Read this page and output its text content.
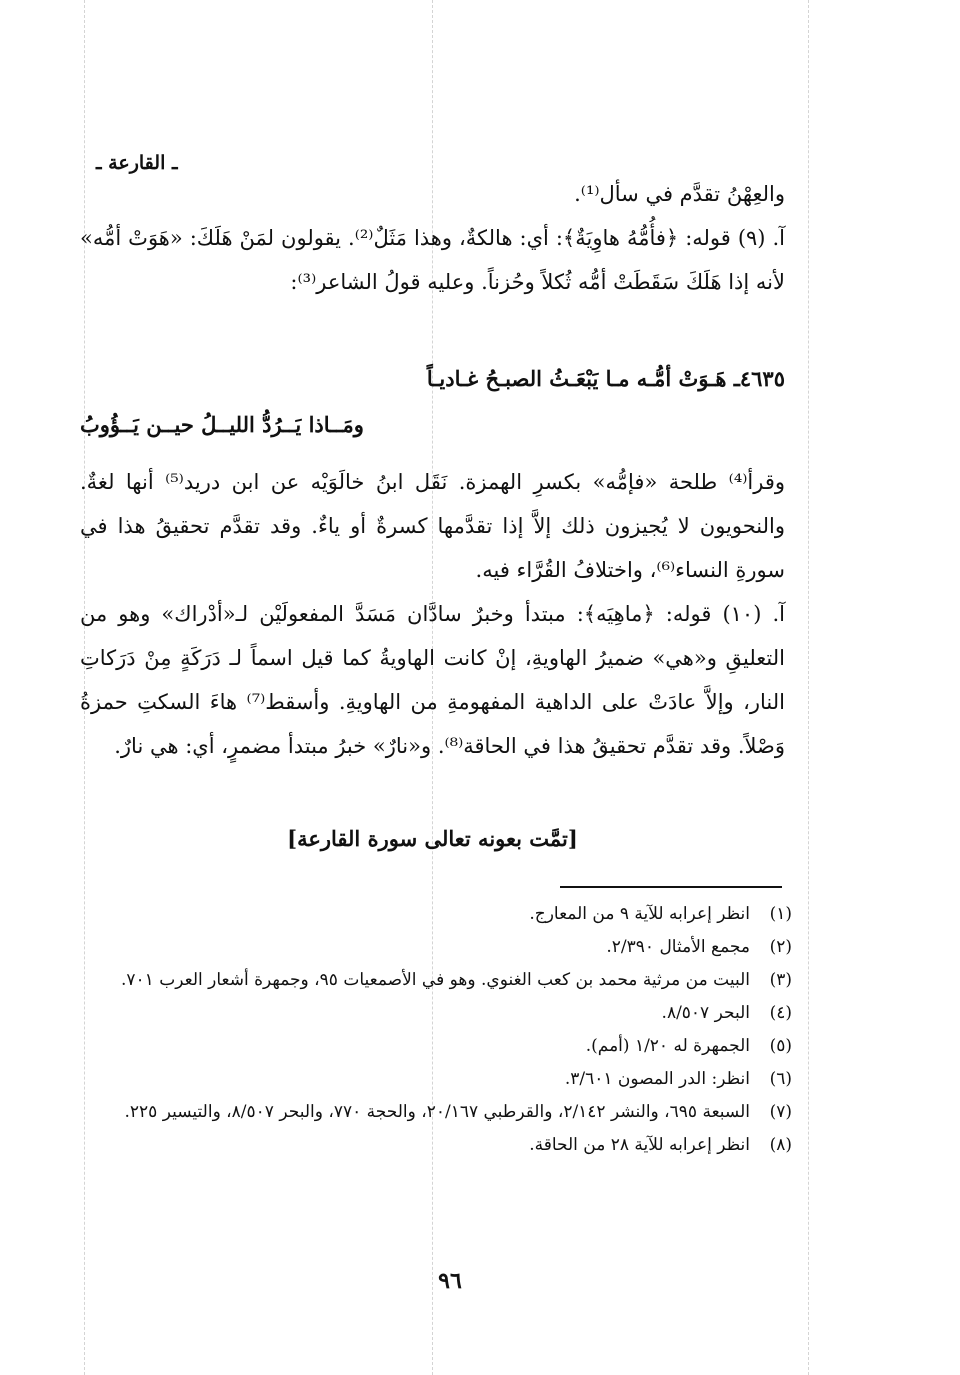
ـ القارعة ـ

والعِهْنُ تقدَّم في سأل⁽¹⁾.

آ. (٩) قوله: ﴿فأُمُّهُ هاوِيَةٌ﴾: أي: هالكةٌ، وهذا مَثَلٌ⁽²⁾. يقولون لمَنْ هَلَكَ: «هَوَتْ أمُّه» لأنه إذا هَلَكَ سَقَطَتْ أمُّه ثُكلاً وحُزناً. وعليه قولُ الشاعر⁽³⁾:

٤٦٣٥ـ هَـوَتْ أمُّـه مـا يَبْعَـثُ الصبـحُ غـاديـاً
ومَــاذا يَــرُدُّ الليــلُ حيــن يَــؤُوبُ

وقرأ⁽⁴⁾ طلحة «فإمُّه» بكسرِ الهمزة. نَقَل ابنُ خالَوَيْه عن ابن دريد⁽⁵⁾ أنها لغةٌ. والنحويون لا يُجيزون ذلك إلاَّ إذا تقدَّمها كسرةٌ أو ياءٌ. وقد تقدَّم تحقيقُ هذا في سورةِ النساء⁽⁶⁾، واختلافُ القُرَّاء فيه.

آ. (١٠) قوله: ﴿ماهِيَه﴾: مبتدأ وخبرٌ سادَّان مَسَدَّ المفعولَيْن لـ«أدْراك» وهو من التعليقِ و«هي» ضميرُ الهاويةِ، إنْ كانت الهاويةُ كما قيل اسماً لـ دَرَكَةٍ مِنْ دَرَكاتِ النار، وإلاَّ عادَتْ على الداهية المفهومةِ من الهاويةِ. وأسقط⁽⁷⁾ هاءَ السكتِ حمزةُ وَصْلاً. وقد تقدَّم تحقيقُ هذا في الحاقة⁽⁸⁾. و«نارٌ» خبرُ مبتدأ مضمرٍ، أي: هي نارٌ.

[تمَّت بعونه تعالى سورة القارعة]
(١)
انظر إعرابه للآية ٩ من المعارج.
(٢)
مجمع الأمثال ٢/٣٩٠.
(٣)
البيت من مرثية محمد بن كعب الغنوي. وهو في الأصمعيات ٩٥، وجمهرة أشعار العرب ٧٠١.
(٤)
البحر ٨/٥٠٧.
(٥)
الجمهرة له ١/٢٠ (أمم).
(٦)
انظر: الدر المصون ٣/٦٠١.
(٧)
السبعة ٦٩٥، والنشر ٢/١٤٢، والقرطبي ٢٠/١٦٧، والحجة ٧٧٠، والبحر ٨/٥٠٧، والتيسير ٢٢٥.
(٨)
انظر إعرابه للآية ٢٨ من الحاقة.
٩٦
